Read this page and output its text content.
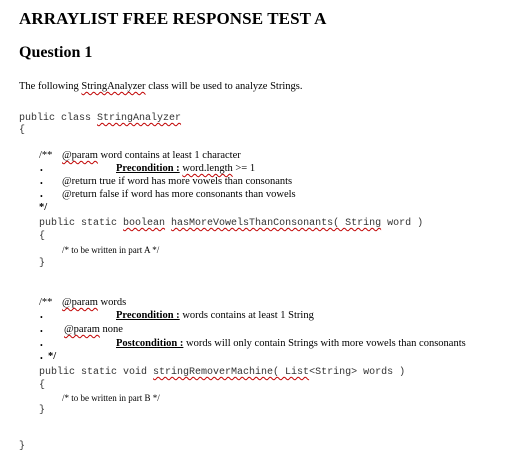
ARRAYLIST FREE RESPONSE TEST A
Question 1
The following StringAnalyzer class will be used to analyze Strings.
public class StringAnalyzer
{
/** @param word contains at least 1 character
•	Precondition : word.length >= 1
• @return true if word has more vowels than consonants
• @return false if word has more consonants than vowels
*/
public static boolean hasMoreVowelsThanConsonants( String word )
{
/* to be written in part A */
}
/** @param words
•	Precondition : words contains at least 1 String
• @param none
•	Postcondition : words will only contain Strings with more vowels than consonants
• */
public static void stringRemoverMachine( List<String> words )
{
/* to be written in part B */
}
}
